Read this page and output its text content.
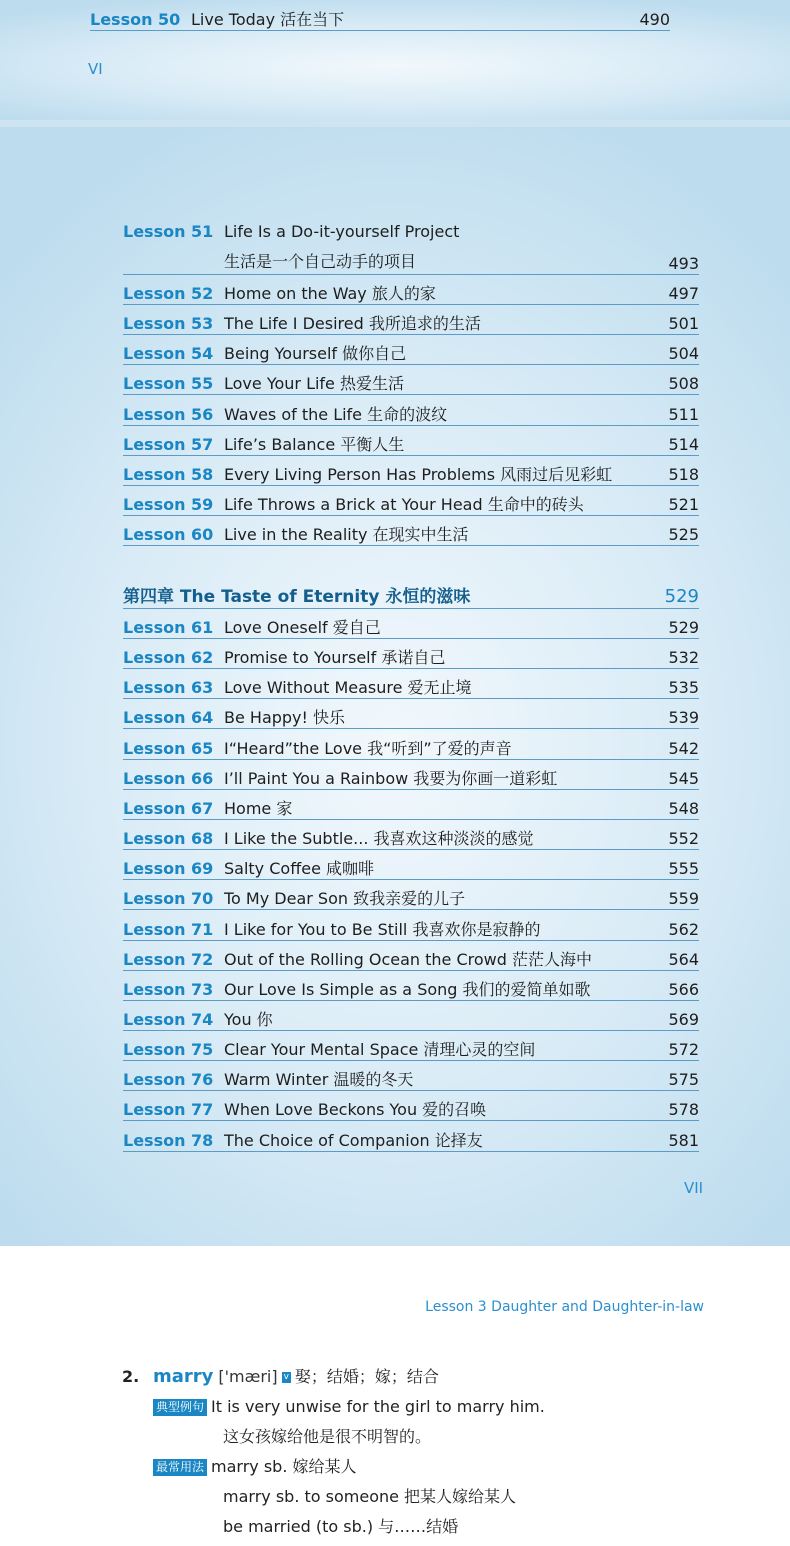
Lesson 50 Live Today 活在当下	490
VI
Lesson 51 Life Is a Do-it-yourself Project
生活是一个自己动手的项目	493
Lesson 52 Home on the Way 旅人的家	497
Lesson 53 The Life I Desired 我所追求的生活	501
Lesson 54 Being Yourself 做你自己	504
Lesson 55 Love Your Life 热爱生活	508
Lesson 56 Waves of the Life 生命的波纹	511
Lesson 57 Life’s Balance 平衡人生	514
Lesson 58 Every Living Person Has Problems 风雨过后见彩虹	518
Lesson 59 Life Throws a Brick at Your Head 生命中的砖头	521
Lesson 60 Live in the Reality 在现实中生活	525
第四章 The Taste of Eternity 永恒的滋味	529
Lesson 61 Love Oneself 爱自己	529
Lesson 62 Promise to Yourself 承诺自己	532
Lesson 63 Love Without Measure 爱无止境	535
Lesson 64 Be Happy! 快乐	539
Lesson 65 I“Heard”the Love 我“听到”了爱的声音	542
Lesson 66 I’ll Paint You a Rainbow 我要为你画一道彩虹	545
Lesson 67 Home 家	548
Lesson 68 I Like the Subtle... 我喜欢这种淡淡的感觉	552
Lesson 69 Salty Coffee 咸咖啡	555
Lesson 70 To My Dear Son 致我亲爱的儿子	559
Lesson 71 I Like for You to Be Still 我喜欢你是寂静的	562
Lesson 72 Out of the Rolling Ocean the Crowd 茫茫人海中	564
Lesson 73 Our Love Is Simple as a Song 我们的爱简单如歌	566
Lesson 74 You 你	569
Lesson 75 Clear Your Mental Space 清理心灵的空间	572
Lesson 76 Warm Winter 温暖的冬天	575
Lesson 77 When Love Beckons You 爱的召唤	578
Lesson 78 The Choice of Companion 论择友	581
VII
Lesson 3 Daughter and Daughter-in-law
2. marry ['mæri] v 娶；结婚；嫁；结合
典型例句 It is very unwise for the girl to marry him.
这女孩嫁给他是很不明智的。
最常用法 marry sb. 嫁给某人
marry sb. to someone 把某人嫁给某人
be married (to sb.) 与……结婚
